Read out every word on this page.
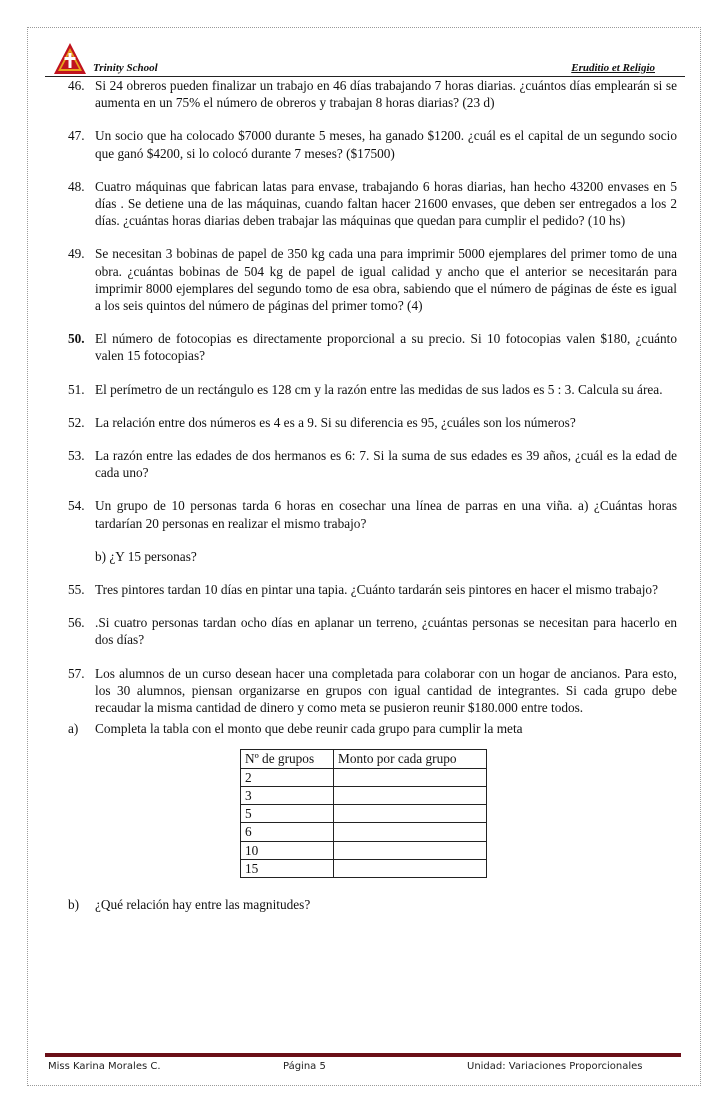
Trinity School	Eruditio et Religio
46. Si 24 obreros pueden finalizar un trabajo en 46 días trabajando 7 horas diarias. ¿cuántos días emplearán si se aumenta en un 75% el número de obreros y trabajan 8 horas diarias? (23 d)

47. Un socio que ha colocado $7000 durante 5 meses, ha ganado $1200. ¿cuál es el capital de un segundo socio que ganó $4200, si lo colocó durante 7 meses? ($17500)

48. Cuatro máquinas que fabrican latas para envase, trabajando 6 horas diarias, han hecho 43200 envases en 5 días . Se detiene una de las máquinas, cuando faltan hacer 21600 envases, que deben ser entregados a los 2 días. ¿cuántas horas diarias deben trabajar las máquinas que quedan para cumplir el pedido? (10 hs)

49. Se necesitan 3 bobinas de papel de 350 kg cada una para imprimir 5000 ejemplares del primer tomo de una obra. ¿cuántas bobinas de 504 kg de papel de igual calidad y ancho que el anterior se necesitarán para imprimir 8000 ejemplares del segundo tomo de esa obra, sabiendo que el número de páginas de éste es igual a los seis quintos del número de páginas del primer tomo? (4)

50. El número de fotocopias es directamente proporcional a su precio. Si 10 fotocopias valen $180, ¿cuánto valen 15 fotocopias?

51. El perímetro de un rectángulo es 128 cm y la razón entre las medidas de sus lados es 5 : 3. Calcula su área.

52. La relación entre dos números es 4 es a 9. Si su diferencia es 95, ¿cuáles son los números?

53. La razón entre las edades de dos hermanos es 6: 7. Si la suma de sus edades es 39 años, ¿cuál es la edad de cada uno?

54. Un grupo de 10 personas tarda 6 horas en cosechar una línea de parras en una viña. a) ¿Cuántas horas tardarían 20 personas en realizar el mismo trabajo?

b) ¿Y 15 personas?

55. Tres pintores tardan 10 días en pintar una tapia. ¿Cuánto tardarán seis pintores en hacer el mismo trabajo?

56. .Si cuatro personas tardan ocho días en aplanar un terreno, ¿cuántas personas se necesitan para hacerlo en dos días?

57. Los alumnos de un curso desean hacer una completada para colaborar con un hogar de ancianos. Para esto, los 30 alumnos, piensan organizarse en grupos con igual cantidad de integrantes. Si cada grupo debe recaudar la misma cantidad de dinero y como meta se pusieron reunir $180.000 entre todos.

a) Completa la tabla con el monto que debe reunir cada grupo para cumplir la meta
Nº de grupos	Monto por cada grupo
2	
3	
5	
6	
10	
15	
b) ¿Qué relación hay entre las magnitudes?
Miss Karina Morales C.	Página 5	Unidad: Variaciones Proporcionales
